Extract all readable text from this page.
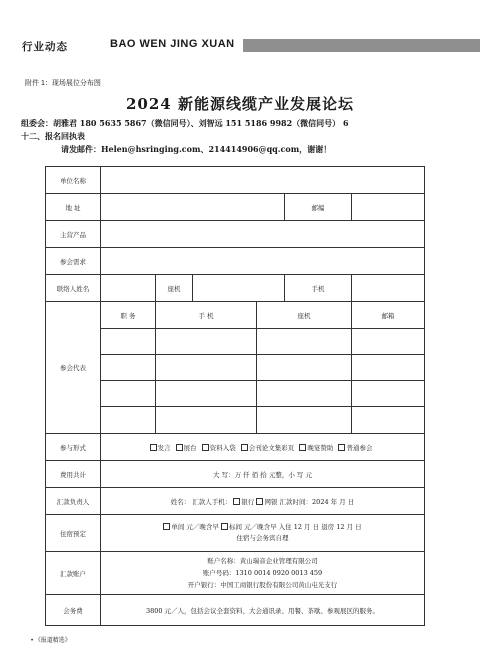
行业动态	BAO WEN JING XUAN
附件 1：现场展位分布图
2024 新能源线缆产业发展论坛
组委会：胡雅君 180 5635 5867（微信同号）、刘智远 151 5186 9982（微信同号） 6
十二、报名回执表
请发邮件：Helen@hsringing.com、214414906@qq.com，谢谢！
单位名称						
地 址					邮编	
主营产品						
参会需求						
联络人姓名		座机			手机	
参会代表	职 务	手 机		座机		邮箱

参与形式	发言 展台 资料入袋 会刊论文集彩页 晚宴赞助 普通参会					
费用共计	大 写：万 仟 佰 拾 元整，小 写 元					
汇款负责人	姓名： 汇款人手机： 银行 网银 汇款时间：2024 年 月 日					
住宿预定	单间 元／晚含早 标间 元／晚含早 入住 12 月 日 退房 12 月 日
住宿与会务宾自理					

汇款账户	账户名称：黄山瑞音企业管理有限公司
账户号码：1310 0014 0920 0013 459
开户银行：中国工商银行股份有限公司黄山屯光支行					

会务费	3800 元／人，包括会议全套资料、大会通讯录、用餐、茶歇、参观展区的服务。					
• 《报道精选》
